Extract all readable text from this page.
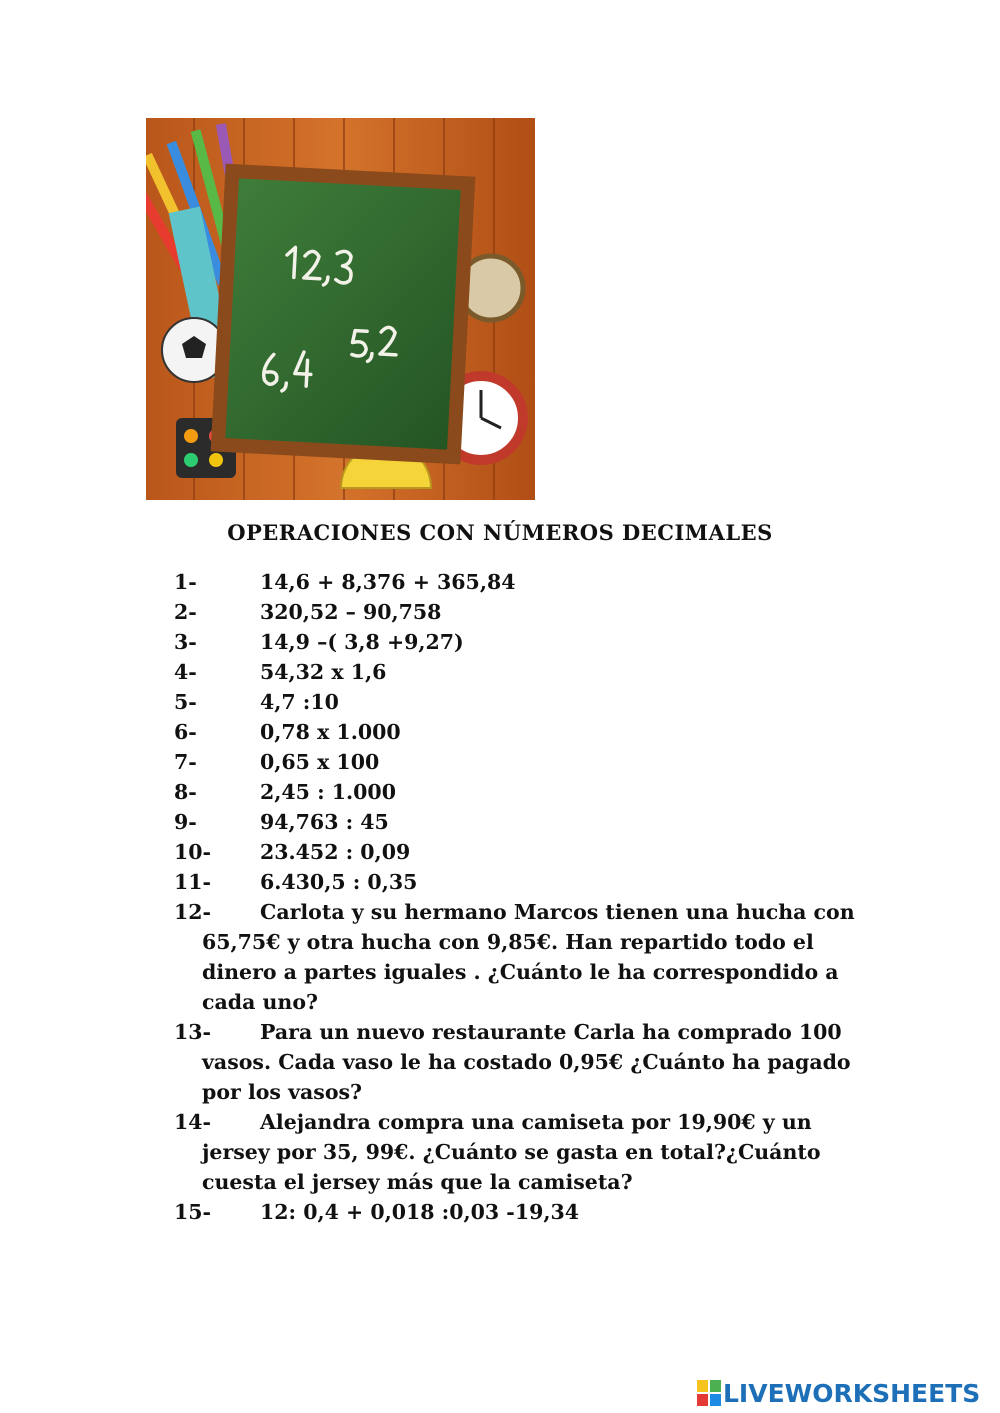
OPERACIONES CON NÚMEROS DECIMALES
1-	14,6 + 8,376 + 365,84
2-	320,52 – 90,758
3-	14,9 –( 3,8 +9,27)
4-	54,32 x 1,6
5-	4,7 :10
6-	0,78 x 1.000
7-	0,65 x 100
8-	2,45 : 1.000
9-	94,763 : 45
10-	23.452 : 0,09
11-	6.430,5 : 0,35
12-	Carlota y su hermano Marcos tienen una hucha con 65,75€ y otra hucha con 9,85€. Han repartido todo el dinero a partes iguales . ¿Cuánto le ha correspondido a cada uno?
13-	Para un nuevo restaurante Carla ha comprado 100 vasos. Cada vaso le ha costado 0,95€ ¿Cuánto ha pagado por los vasos?
14-	Alejandra compra una camiseta por 19,90€ y un jersey por 35, 99€. ¿Cuánto se gasta en total?¿Cuánto cuesta el jersey más que la camiseta?
15-	12: 0,4 + 0,018 :0,03 -19,34
LIVEWORKSHEETS
